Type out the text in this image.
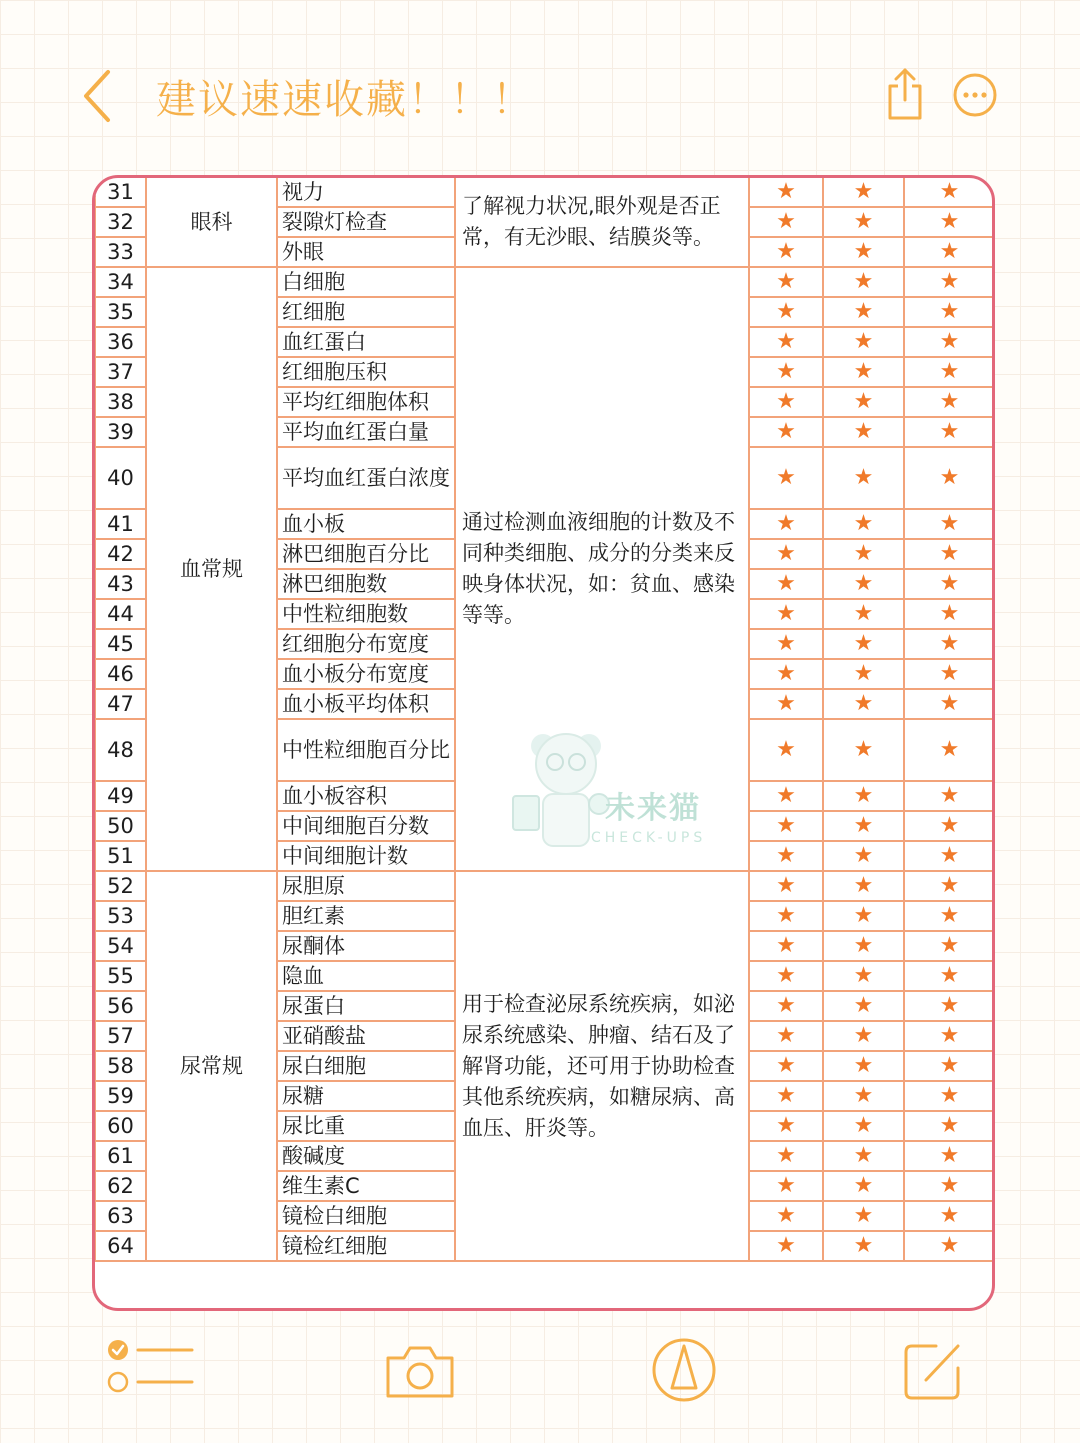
建议速速收藏！！！
31	眼科	视力	了解视力状况,眼外观是否正常，有无沙眼、结膜炎等。	★	★	★
32		裂隙灯检查		★	★	★
33		外眼		★	★	★
34	血常规	白细胞	通过检测血液细胞的计数及不同种类细胞、成分的分类来反映身体状况，如：贫血、感染等等。	★	★	★
35		红细胞		★	★	★
36		血红蛋白		★	★	★
37		红细胞压积		★	★	★
38		平均红细胞体积		★	★	★
39		平均血红蛋白量		★	★	★
40		平均血红蛋白浓度		★	★	★
41		血小板		★	★	★
42		淋巴细胞百分比		★	★	★
43		淋巴细胞数		★	★	★
44		中性粒细胞数		★	★	★
45		红细胞分布宽度		★	★	★
46		血小板分布宽度		★	★	★
47		血小板平均体积		★	★	★
48		中性粒细胞百分比		★	★	★
49		血小板容积		★	★	★
50		中间细胞百分数		★	★	★
51		中间细胞计数		★	★	★
52	尿常规	尿胆原	用于检查泌尿系统疾病，如泌尿系统感染、肿瘤、结石及了解肾功能，还可用于协助检查其他系统疾病，如糖尿病、高血压、肝炎等。	★	★	★
53		胆红素		★	★	★
54		尿酮体		★	★	★
55		隐血		★	★	★
56		尿蛋白		★	★	★
57		亚硝酸盐		★	★	★
58		尿白细胞		★	★	★
59		尿糖		★	★	★
60		尿比重		★	★	★
61		酸碱度		★	★	★
62		维生素C		★	★	★
63		镜检白细胞		★	★	★
64		镜检红细胞		★	★	★
未来猫
CHECK-UPS
